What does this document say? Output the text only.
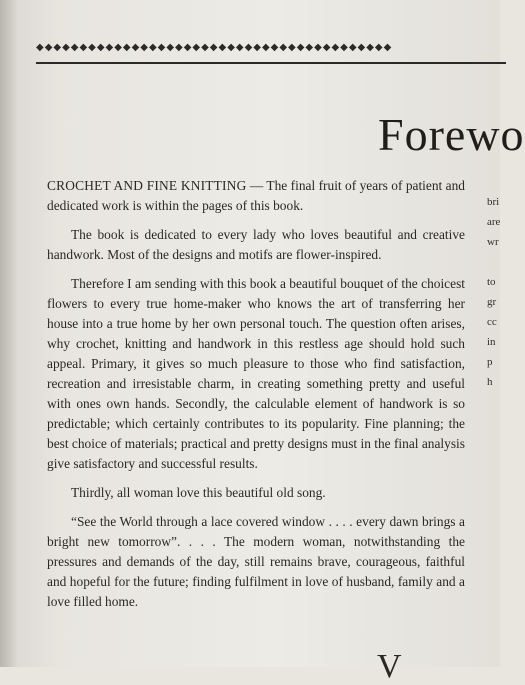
◆◆◆◆◆◆◆◆◆◆◆◆◆◆◆◆◆◆◆◆◆◆◆◆◆◆◆◆◆◆◆◆◆◆◆◆◆◆◆◆◆
Forewo

CROCHET AND FINE KNITTING — The final fruit of years of patient and dedicated work is within the pages of this book.

The book is dedicated to every lady who loves beautiful and creative handwork. Most of the designs and motifs are flower-inspired.

Therefore I am sending with this book a beautiful bouquet of the choicest flowers to every true home-maker who knows the art of transferring her house into a true home by her own personal touch. The question often arises, why crochet, knitting and handwork in this restless age should hold such appeal. Primary, it gives so much pleasure to those who find satisfaction, recreation and irresistable charm, in creating something pretty and useful with ones own hands. Secondly, the calculable element of handwork is so predictable; which certainly contributes to its popularity. Fine planning; the best choice of materials; practical and pretty designs must in the final analysis give satisfactory and successful results.

Thirdly, all woman love this beautiful old song.

“See the World through a lace covered window . . . . every dawn brings a bright new tomorrow”. . . . The modern woman, notwithstanding the pressures and demands of the day, still remains brave, courageous, faithful and hopeful for the future; finding fulfilment in love of husband, family and a love filled home.

bri
are
wr
to
gr
cc
in
p
h
V
